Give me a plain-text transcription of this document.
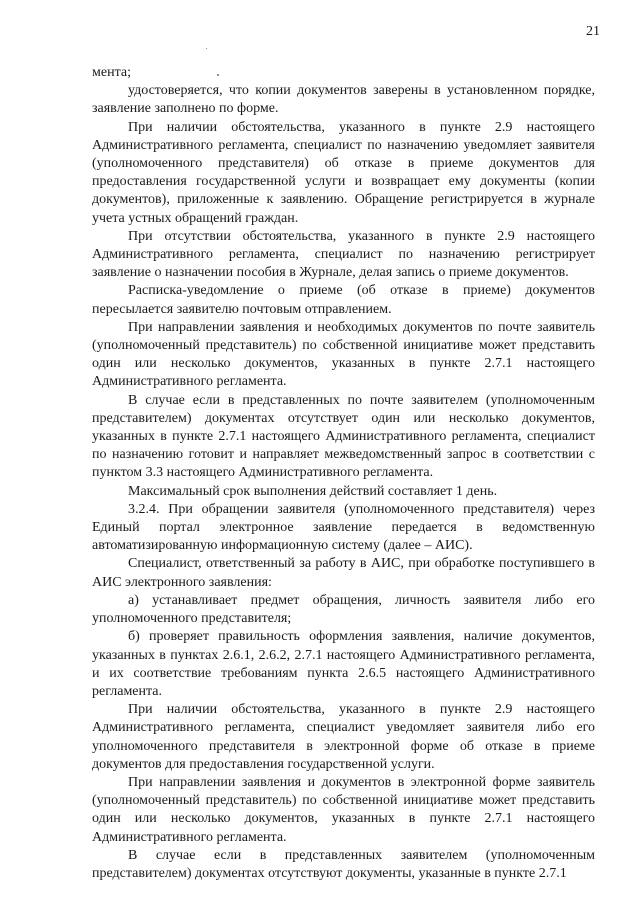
21

мента;

удостоверяется, что копии документов заверены в установленном порядке, заявление заполнено по форме.

При наличии обстоятельства, указанного в пункте 2.9 настоящего Административного регламента, специалист по назначению уведомляет заявителя (уполномоченного представителя) об отказе в приеме документов для предоставления государственной услуги и возвращает ему документы (копии документов), приложенные к заявлению. Обращение регистрируется в журнале учета устных обращений граждан.

При отсутствии обстоятельства, указанного в пункте 2.9 настоящего Административного регламента, специалист по назначению регистрирует заявление о назначении пособия в Журнале, делая запись о приеме документов.

Расписка-уведомление о приеме (об отказе в приеме) документов пересылается заявителю почтовым отправлением.

При направлении заявления и необходимых документов по почте заявитель (уполномоченный представитель) по собственной инициативе может представить один или несколько документов, указанных в пункте 2.7.1 настоящего Административного регламента.

В случае если в представленных по почте заявителем (уполномоченным представителем) документах отсутствует один или несколько документов, указанных в пункте 2.7.1 настоящего Административного регламента, специалист по назначению готовит и направляет межведомственный запрос в соответствии с пунктом 3.3 настоящего Административного регламента.

Максимальный срок выполнения действий составляет 1 день.

3.2.4. При обращении заявителя (уполномоченного представителя) через Единый портал электронное заявление передается в ведомственную автоматизированную информационную систему (далее – АИС).

Специалист, ответственный за работу в АИС, при обработке поступившего в АИС электронного заявления:

а) устанавливает предмет обращения, личность заявителя либо его уполномоченного представителя;

б) проверяет правильность оформления заявления, наличие документов, указанных в пунктах 2.6.1, 2.6.2, 2.7.1 настоящего Административного регламента, и их соответствие требованиям пункта 2.6.5 настоящего Административного регламента.

При наличии обстоятельства, указанного в пункте 2.9 настоящего Административного регламента, специалист уведомляет заявителя либо его уполномоченного представителя в электронной форме об отказе в приеме документов для предоставления государственной услуги.

При направлении заявления и документов в электронной форме заявитель (уполномоченный представитель) по собственной инициативе может представить один или несколько документов, указанных в пункте 2.7.1 настоящего Административного регламента.

В случае если в представленных заявителем (уполномоченным представителем) документах отсутствуют документы, указанные в пункте 2.7.1
